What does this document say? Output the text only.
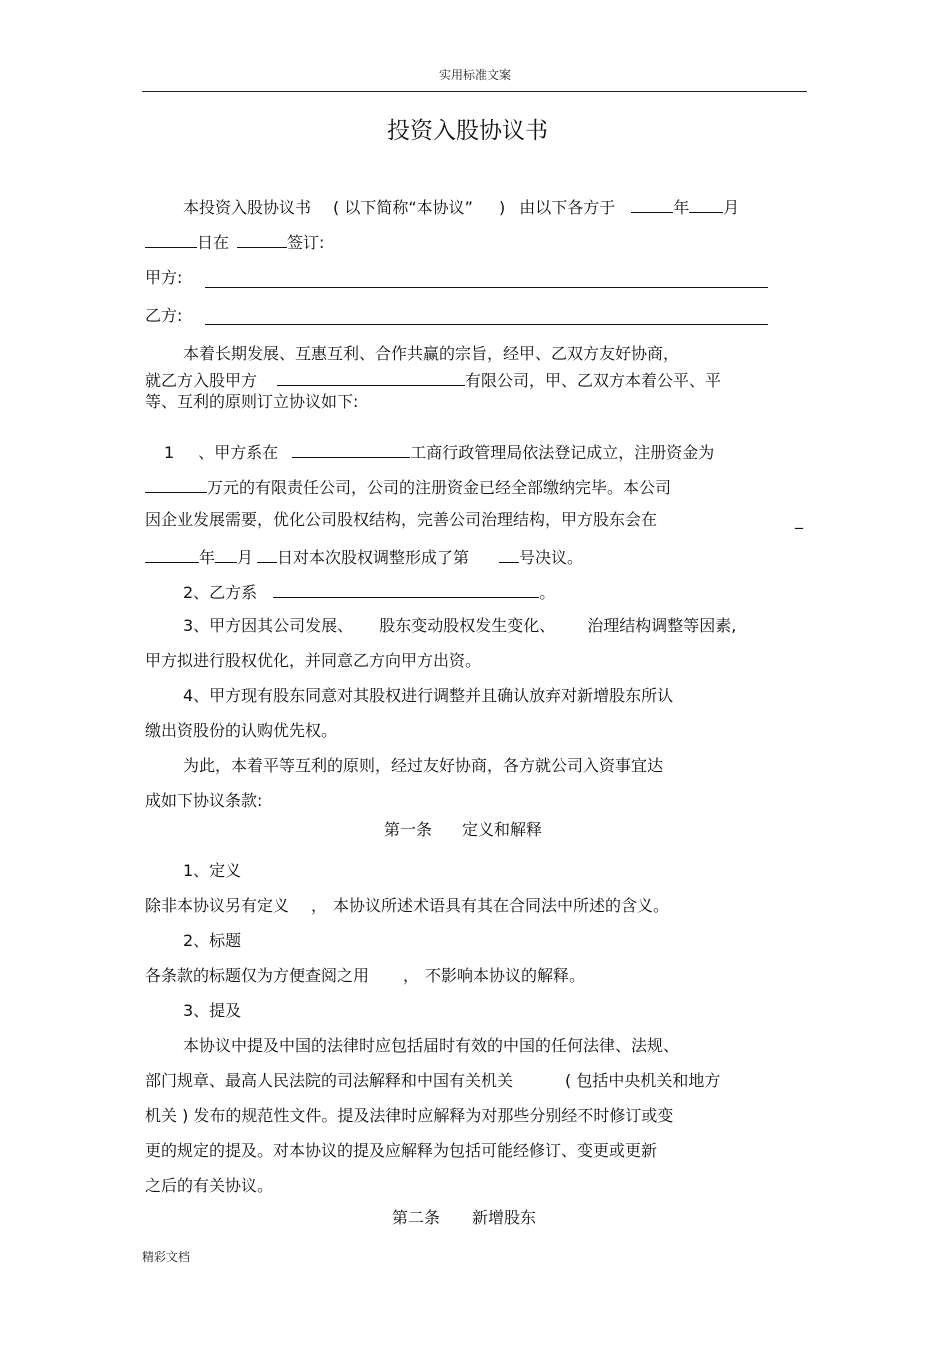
实用标准文案
投资入股协议书
本投资入股协议书 ( 以下简称“本协议” ) 由以下各方于	年 月
日在	签订:
甲方:
乙方:
本着长期发展、互惠互利、合作共赢的宗旨，经甲、乙双方友好协商，
就乙方入股甲方	有限公司，甲、乙双方本着公平、平
等、互利的原则订立协议如下:
1 、甲方系在	工商行政管理局依法登记成立，注册资金为
万元的有限责任公司，公司的注册资金已经全部缴纳完毕。本公司
因企业发展需要，优化公司股权结构，完善公司治理结构，甲方股东会在	_
年 月 日对本次股权调整形成了第	号决议。
2、乙方系	。
3、甲方因其公司发展、 股东变动股权发生变化、 治理结构调整等因素,
甲方拟进行股权优化，并同意乙方向甲方出资。
4、甲方现有股东同意对其股权进行调整并且确认放弃对新增股东所认
缴出资股份的认购优先权。
为此，本着平等互利的原则，经过友好协商，各方就公司入资事宜达
成如下协议条款:
第一条 定义和解释
1、定义
除非本协议另有定义 ， 本协议所述术语具有其在合同法中所述的含义。
2、标题
各条款的标题仅为方便查阅之用 ， 不影响本协议的解释。
3、提及
本协议中提及中国的法律时应包括届时有效的中国的任何法律、法规、
部门规章、最高人民法院的司法解释和中国有关机关	( 包括中央机关和地方
机关 ) 发布的规范性文件。提及法律时应解释为对那些分别经不时修订或变
更的规定的提及。对本协议的提及应解释为包括可能经修订、变更或更新
之后的有关协议。
第二条 新增股东
精彩文档
